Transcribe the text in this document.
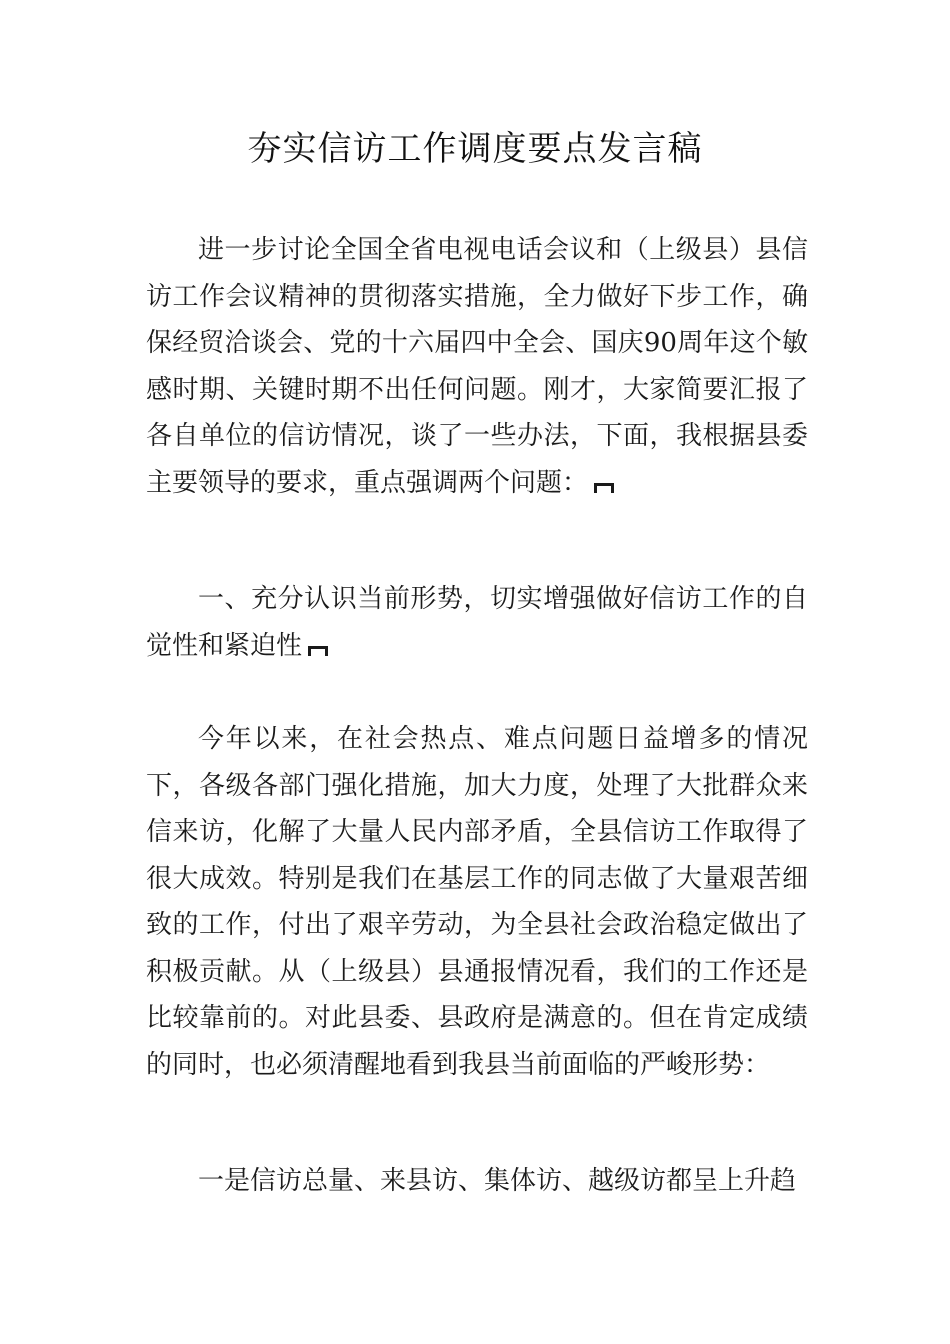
夯实信访工作调度要点发言稿

进一步讨论全国全省电视电话会议和（上级县）县信访工作会议精神的贯彻落实措施，全力做好下步工作，确保经贸洽谈会、党的十六届四中全会、国庆90周年这个敏感时期、关键时期不出任何问题。刚才，大家简要汇报了各自单位的信访情况，谈了一些办法，下面，我根据县委主要领导的要求，重点强调两个问题：

一、充分认识当前形势，切实增强做好信访工作的自觉性和紧迫性

今年以来，在社会热点、难点问题日益增多的情况下，各级各部门强化措施，加大力度，处理了大批群众来信来访，化解了大量人民内部矛盾，全县信访工作取得了很大成效。特别是我们在基层工作的同志做了大量艰苦细致的工作，付出了艰辛劳动，为全县社会政治稳定做出了积极贡献。从（上级县）县通报情况看，我们的工作还是比较靠前的。对此县委、县政府是满意的。但在肯定成绩的同时，也必须清醒地看到我县当前面临的严峻形势：

一是信访总量、来县访、集体访、越级访都呈上升趋
